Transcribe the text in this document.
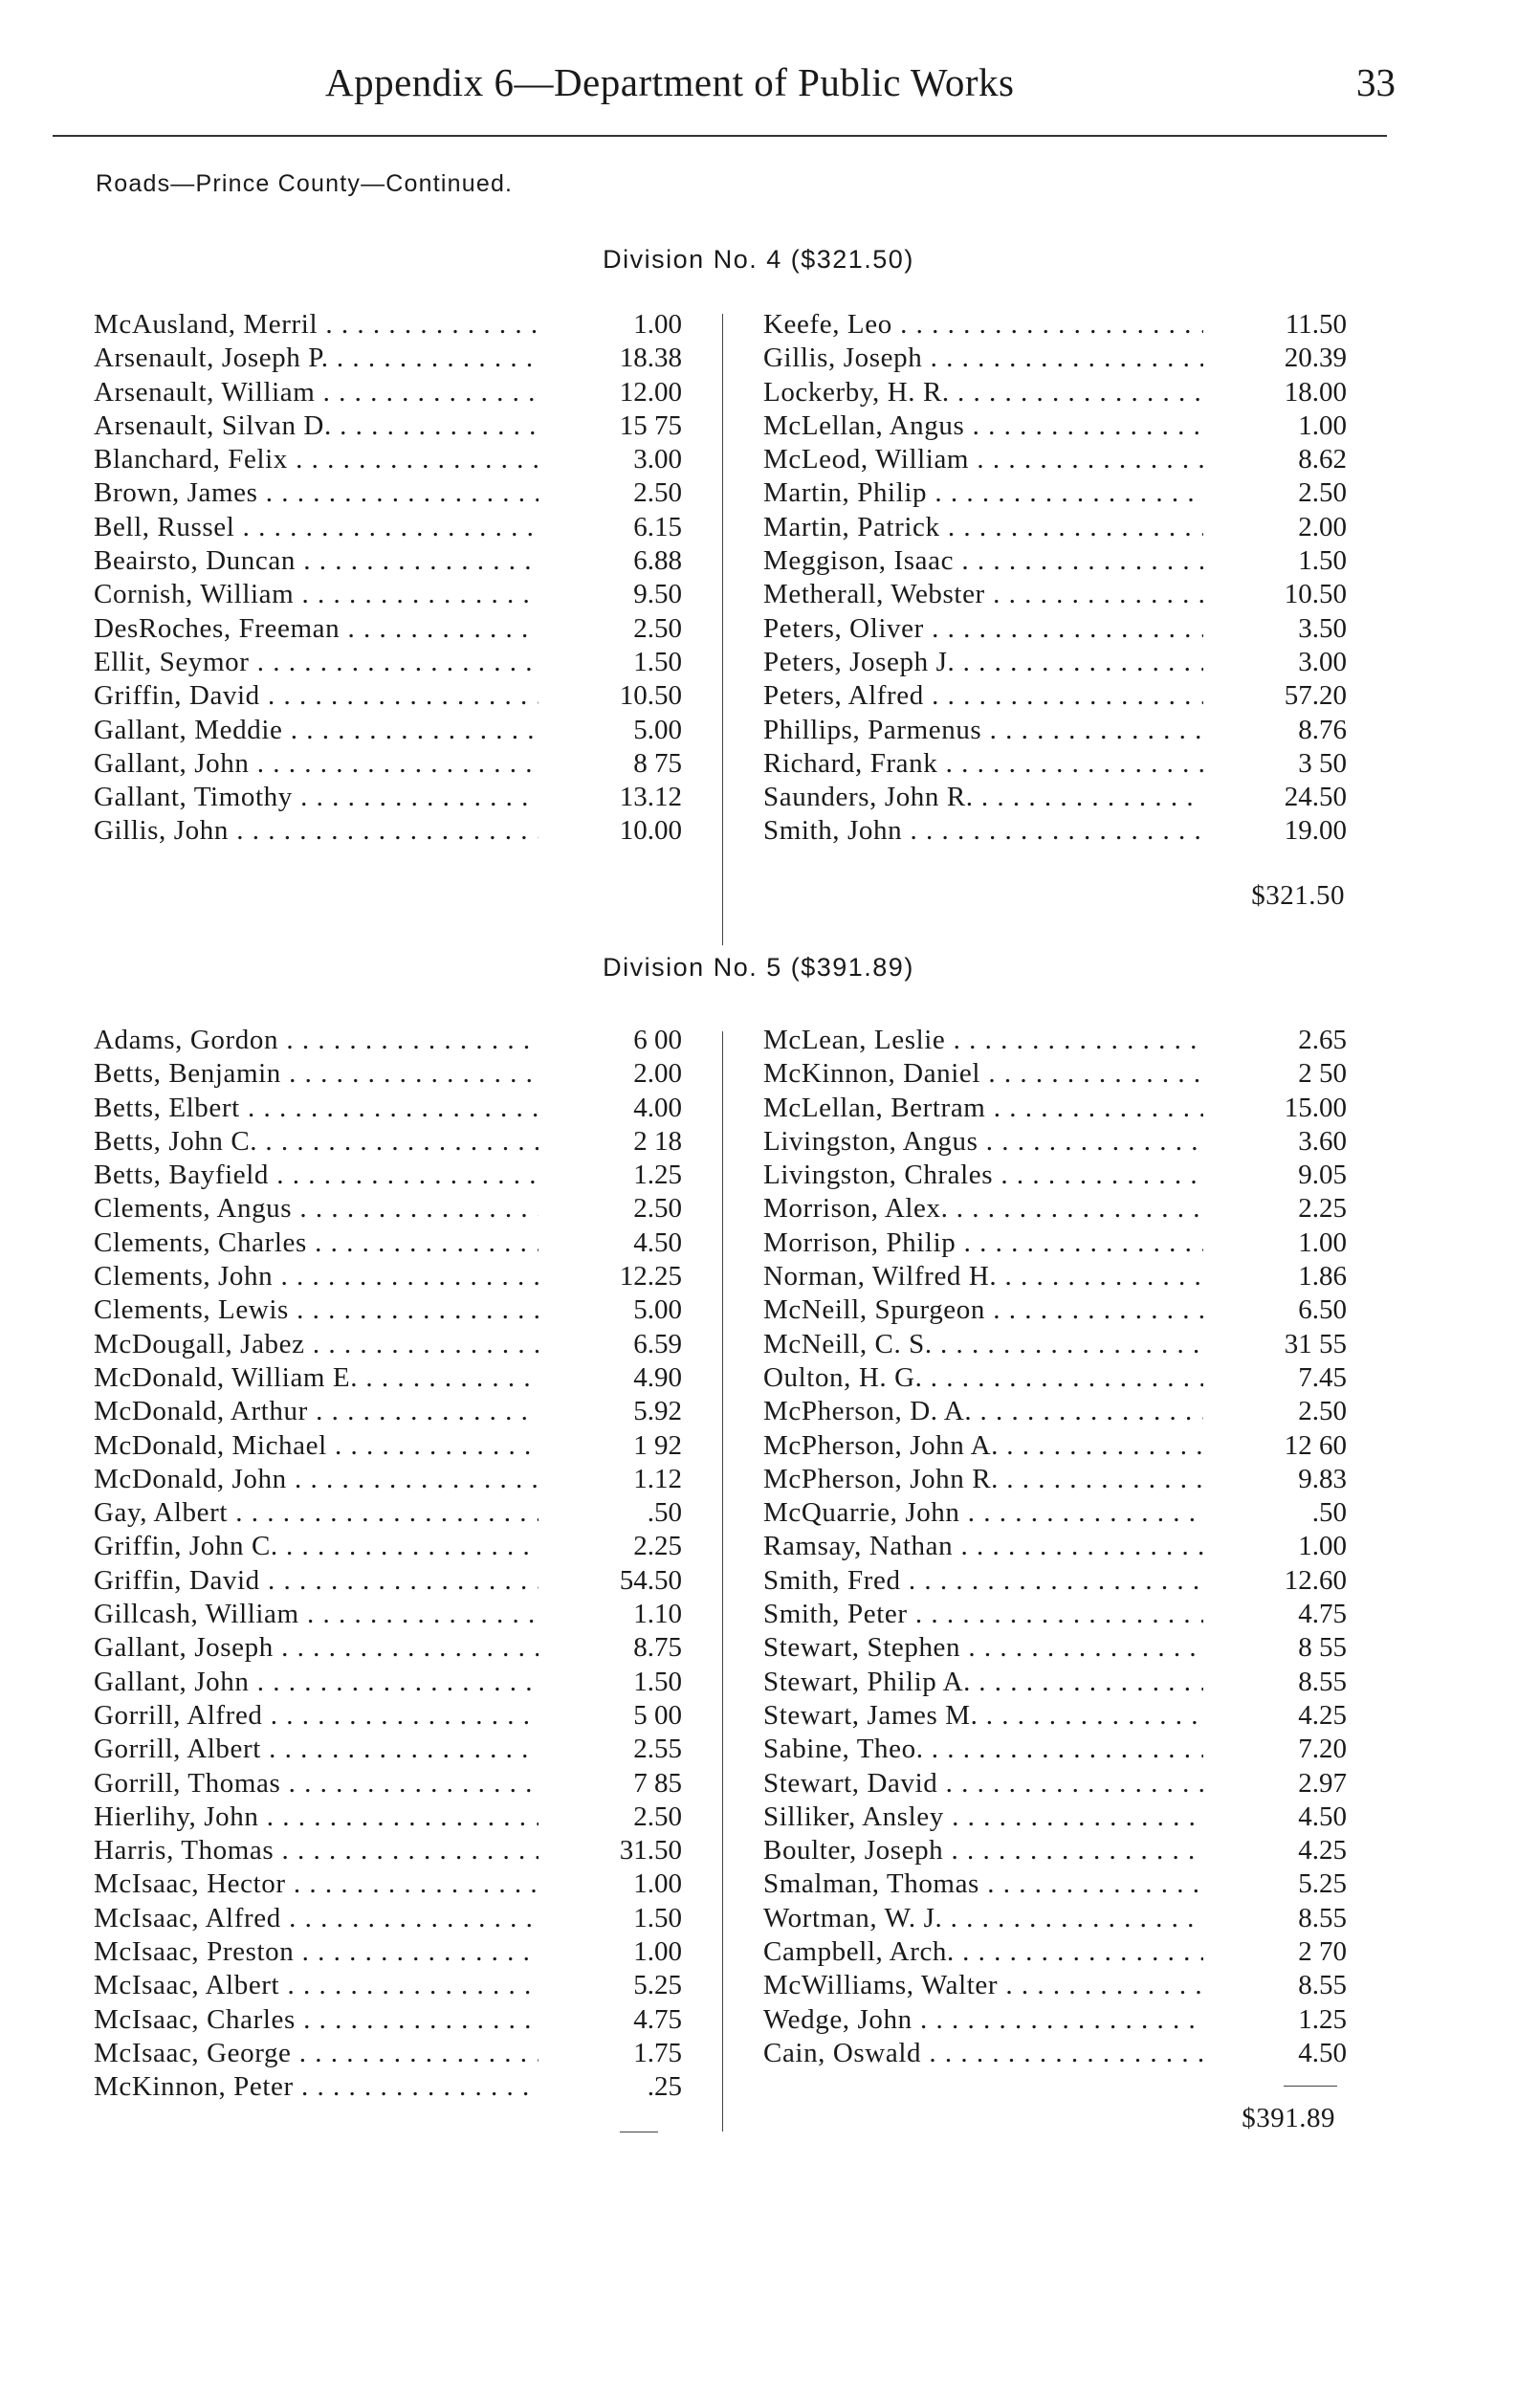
Appendix 6—Department of Public Works	33
Roads—Prince County—Continued.
Division No. 4 ($321.50)
McAusland, Merril . . .	1.00
Arsenault, Joseph P. . . .	18.38
Arsenault, William . . .	12.00
Arsenault, Silvan D. . . .	15 75
Blanchard, Felix . . .	3.00
Brown, James . . .	2.50
Bell, Russel . . .	6.15
Beairsto, Duncan . . .	6.88
Cornish, William . . .	9.50
DesRoches, Freeman . . .	2.50
Ellit, Seymor . . .	1.50
Griffin, David . . .	10.50
Gallant, Meddie . . .	5.00
Gallant, John . . .	8 75
Gallant, Timothy . . .	13.12
Gillis, John . . .	10.00
Keefe, Leo . . .	11.50
Gillis, Joseph . . .	20.39
Lockerby, H. R. . . .	18.00
McLellan, Angus . . .	1.00
McLeod, William . . .	8.62
Martin, Philip . . .	2.50
Martin, Patrick . . .	2.00
Meggison, Isaac . . .	1.50
Metherall, Webster . . .	10.50
Peters, Oliver . . .	3.50
Peters, Joseph J. . . .	3.00
Peters, Alfred . . .	57.20
Phillips, Parmenus . . .	8.76
Richard, Frank . . .	3 50
Saunders, John R. . . .	24.50
Smith, John . . .	19.00
$321.50
Division No. 5 ($391.89)
Adams, Gordon . . .	6 00
Betts, Benjamin . . .	2.00
Betts, Elbert . . .	4.00
Betts, John C. . . .	2 18
Betts, Bayfield . . .	1.25
Clements, Angus . . .	2.50
Clements, Charles . . .	4.50
Clements, John . . .	12.25
Clements, Lewis . . .	5.00
McDougall, Jabez . . .	6.59
McDonald, William E. . . .	4.90
McDonald, Arthur . . .	5.92
McDonald, Michael . . .	1 92
McDonald, John . . .	1.12
Gay, Albert . . .	.50
Griffin, John C. . . .	2.25
Griffin, David . . .	54.50
Gillcash, William . . .	1.10
Gallant, Joseph . . .	8.75
Gallant, John . . .	1.50
Gorrill, Alfred . . .	5 00
Gorrill, Albert . . .	2.55
Gorrill, Thomas . . .	7 85
Hierlihy, John . . .	2.50
Harris, Thomas . . .	31.50
McIsaac, Hector . . .	1.00
McIsaac, Alfred . . .	1.50
McIsaac, Preston . . .	1.00
McIsaac, Albert . . .	5.25
McIsaac, Charles . . .	4.75
McIsaac, George . . .	1.75
McKinnon, Peter . . .	.25
McLean, Leslie . . .	2.65
McKinnon, Daniel . . .	2 50
McLellan, Bertram . . .	15.00
Livingston, Angus . . .	3.60
Livingston, Chrales . . .	9.05
Morrison, Alex. . . .	2.25
Morrison, Philip . . .	1.00
Norman, Wilfred H. . . .	1.86
McNeill, Spurgeon . . .	6.50
McNeill, C. S. . . .	31 55
Oulton, H. G. . . .	7.45
McPherson, D. A. . . .	2.50
McPherson, John A. . . .	12 60
McPherson, John R. . . .	9.83
McQuarrie, John . . .	.50
Ramsay, Nathan . . .	1.00
Smith, Fred . . .	12.60
Smith, Peter . . .	4.75
Stewart, Stephen . . .	8 55
Stewart, Philip A. . . .	8.55
Stewart, James M. . . .	4.25
Sabine, Theo. . . .	7.20
Stewart, David . . .	2.97
Silliker, Ansley . . .	4.50
Boulter, Joseph . . .	4.25
Smalman, Thomas . . .	5.25
Wortman, W. J. . . .	8.55
Campbell, Arch. . . .	2 70
McWilliams, Walter . . .	8.55
Wedge, John . . .	1.25
Cain, Oswald . . .	4.50
$391.89
